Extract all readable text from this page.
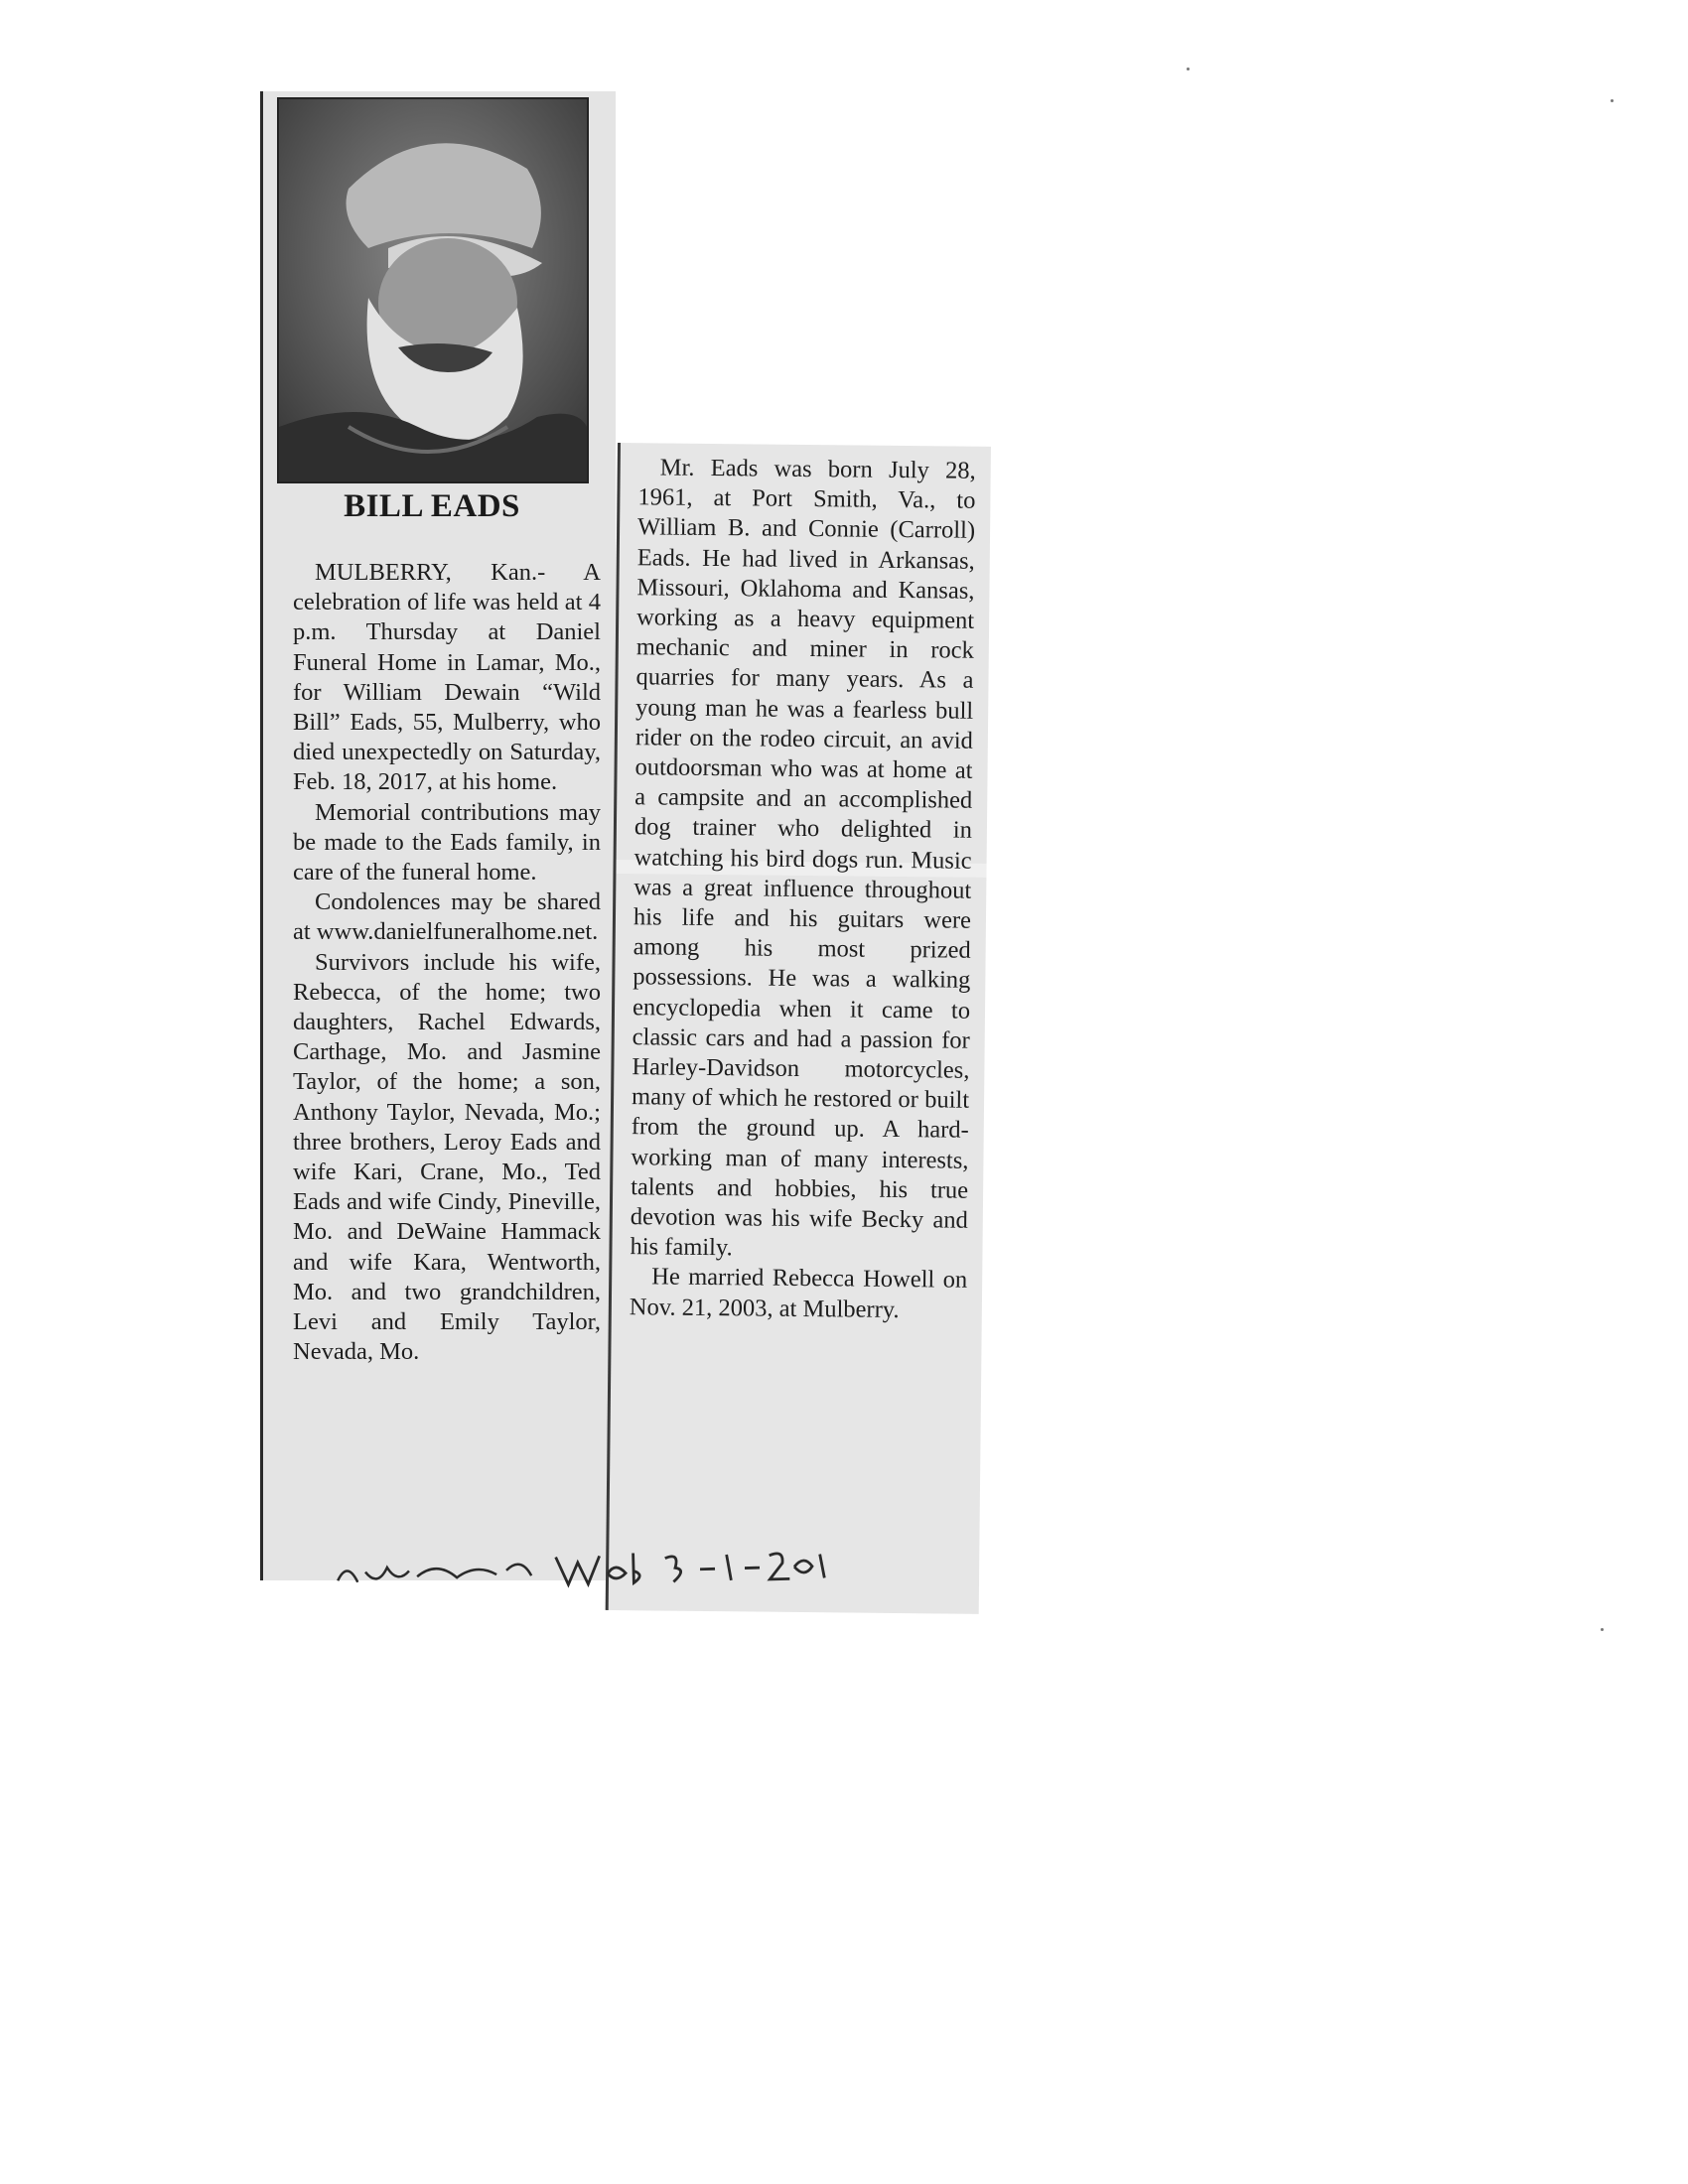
BILL EADS

MULBERRY, Kan.- A celebration of life was held at 4 p.m. Thursday at Daniel Funeral Home in Lamar, Mo., for William Dewain “Wild Bill” Eads, 55, Mulberry, who died unexpectedly on Saturday, Feb. 18, 2017, at his home.

Memorial contributions may be made to the Eads family, in care of the funeral home.

Condolences may be shared at www.danielfuneralhome.net.

Survivors include his wife, Rebecca, of the home; two daughters, Rachel Edwards, Carthage, Mo. and Jasmine Taylor, of the home; a son, Anthony Taylor, Nevada, Mo.; three brothers, Leroy Eads and wife Kari, Crane, Mo., Ted Eads and wife Cindy, Pineville, Mo. and DeWaine Hammack and wife Kara, Wentworth, Mo. and two grandchildren, Levi and Emily Taylor, Nevada, Mo.

Mr. Eads was born July 28, 1961, at Port Smith, Va., to William B. and Connie (Carroll) Eads. He had lived in Arkansas, Missouri, Oklahoma and Kansas, working as a heavy equipment mechanic and miner in rock quarries for many years. As a young man he was a fearless bull rider on the rodeo circuit, an avid outdoorsman who was at home at a campsite and an accomplished dog trainer who delighted in watching his bird dogs run. Music was a great influence throughout his life and his guitars were among his most prized possessions. He was a walking encyclopedia when it came to classic cars and had a passion for Harley-Davidson motorcycles, many of which he restored or built from the ground up. A hard-working man of many interests, talents and hobbies, his true devotion was his wife Becky and his family.

He married Rebecca Howell on Nov. 21, 2003, at Mulberry.
